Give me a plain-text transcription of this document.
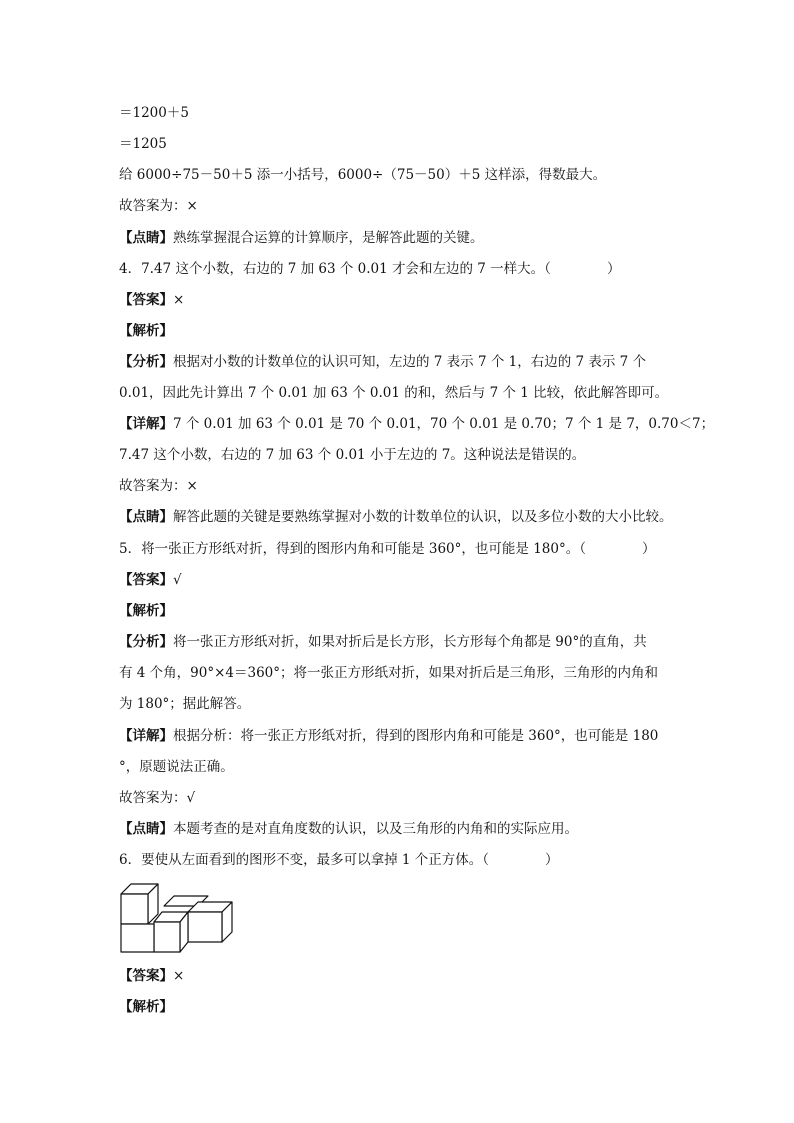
＝1200＋5
＝1205
给 6000÷75－50＋5 添一小括号，6000÷（75－50）＋5 这样添，得数最大。
故答案为：×
【点睛】熟练掌握混合运算的计算顺序，是解答此题的关键。
4．7.47 这个小数，右边的 7 加 63 个 0.01 才会和左边的 7 一样大。（	）
【答案】×
【解析】
【分析】根据对小数的计数单位的认识可知，左边的 7 表示 7 个 1，右边的 7 表示 7 个
0.01，因此先计算出 7 个 0.01 加 63 个 0.01 的和，然后与 7 个 1 比较，依此解答即可。
【详解】7 个 0.01 加 63 个 0.01 是 70 个 0.01，70 个 0.01 是 0.70；7 个 1 是 7，0.70＜7；
7.47 这个小数，右边的 7 加 63 个 0.01 小于左边的 7。这种说法是错误的。
故答案为：×
【点睛】解答此题的关键是要熟练掌握对小数的计数单位的认识，以及多位小数的大小比较。
5．将一张正方形纸对折，得到的图形内角和可能是 360°，也可能是 180°。（	）
【答案】√
【解析】
【分析】将一张正方形纸对折，如果对折后是长方形，长方形每个角都是 90°的直角，共
有 4 个角，90°×4＝360°；将一张正方形纸对折，如果对折后是三角形，三角形的内角和
为 180°；据此解答。
【详解】根据分析：将一张正方形纸对折，得到的图形内角和可能是 360°，也可能是 180
°，原题说法正确。
故答案为：√
【点睛】本题考查的是对直角度数的认识，以及三角形的内角和的实际应用。
6．要使从左面看到的图形不变，最多可以拿掉 1 个正方体。（	）
【答案】×
【解析】
